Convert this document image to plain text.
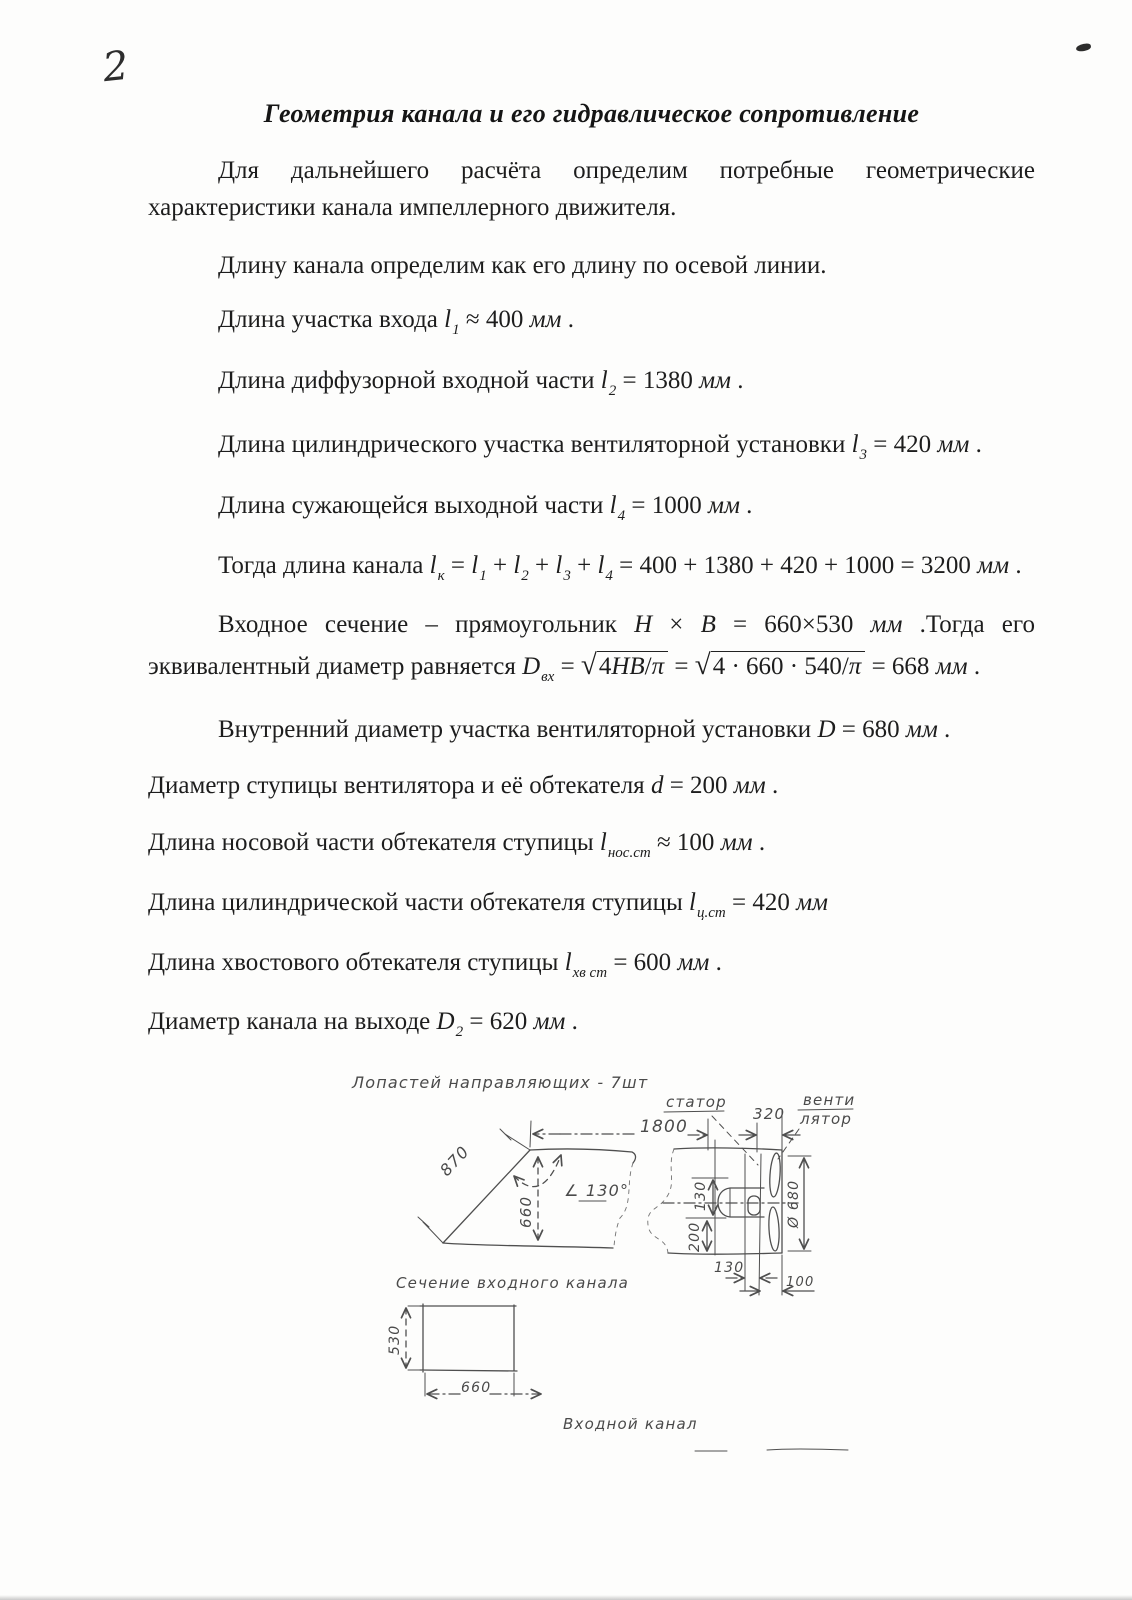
2
Геометрия канала и его гидравлическое сопротивление

Для дальнейшего расчёта определим потребные геометрические
характеристики канала импеллерного движителя.

Длину канала определим как его длину по осевой линии.

Длина участка входа $l_1 \approx 400$ мм .

Длина диффузорной входной части $l_2 = 1380$ мм .

Длина цилиндрического участка вентиляторной установки $l_3 = 420$ мм .

Длина сужающейся выходной части $l_4 = 1000$ мм .

Тогда длина канала $l_к = l_1 + l_2 + l_3 + l_4 = 400 + 1380 + 420 + 1000 = 3200$ мм .

Входное сечение – прямоугольник H × B = 660×530 мм .Тогда его
эквивалентный диаметр равняется $D_{вх} = √4HB/\pi = √4 \cdot 660 \cdot 540/\pi = 668$ мм .

Внутренний диаметр участка вентиляторной установки D = 680 мм .

Диаметр ступицы вентилятора и её обтекателя d = 200 мм .

Длина носовой части обтекателя ступицы $l_{нос.ст} \approx 100$ мм .

Длина цилиндрической части обтекателя ступицы $l_{ц.ст} = 420$ мм

Длина хвостового обтекателя ступицы $l_{хв ст} = 600$ мм .

Диаметр канала на выходе $D_2 = 620$ мм .

Лопастей направляющих - 7шт
870
660
∠ 130°
1800
320
130
200
Ø 680
130
100
статор	венти
лятор
Сечение входного канала
530
660
Входной канал
